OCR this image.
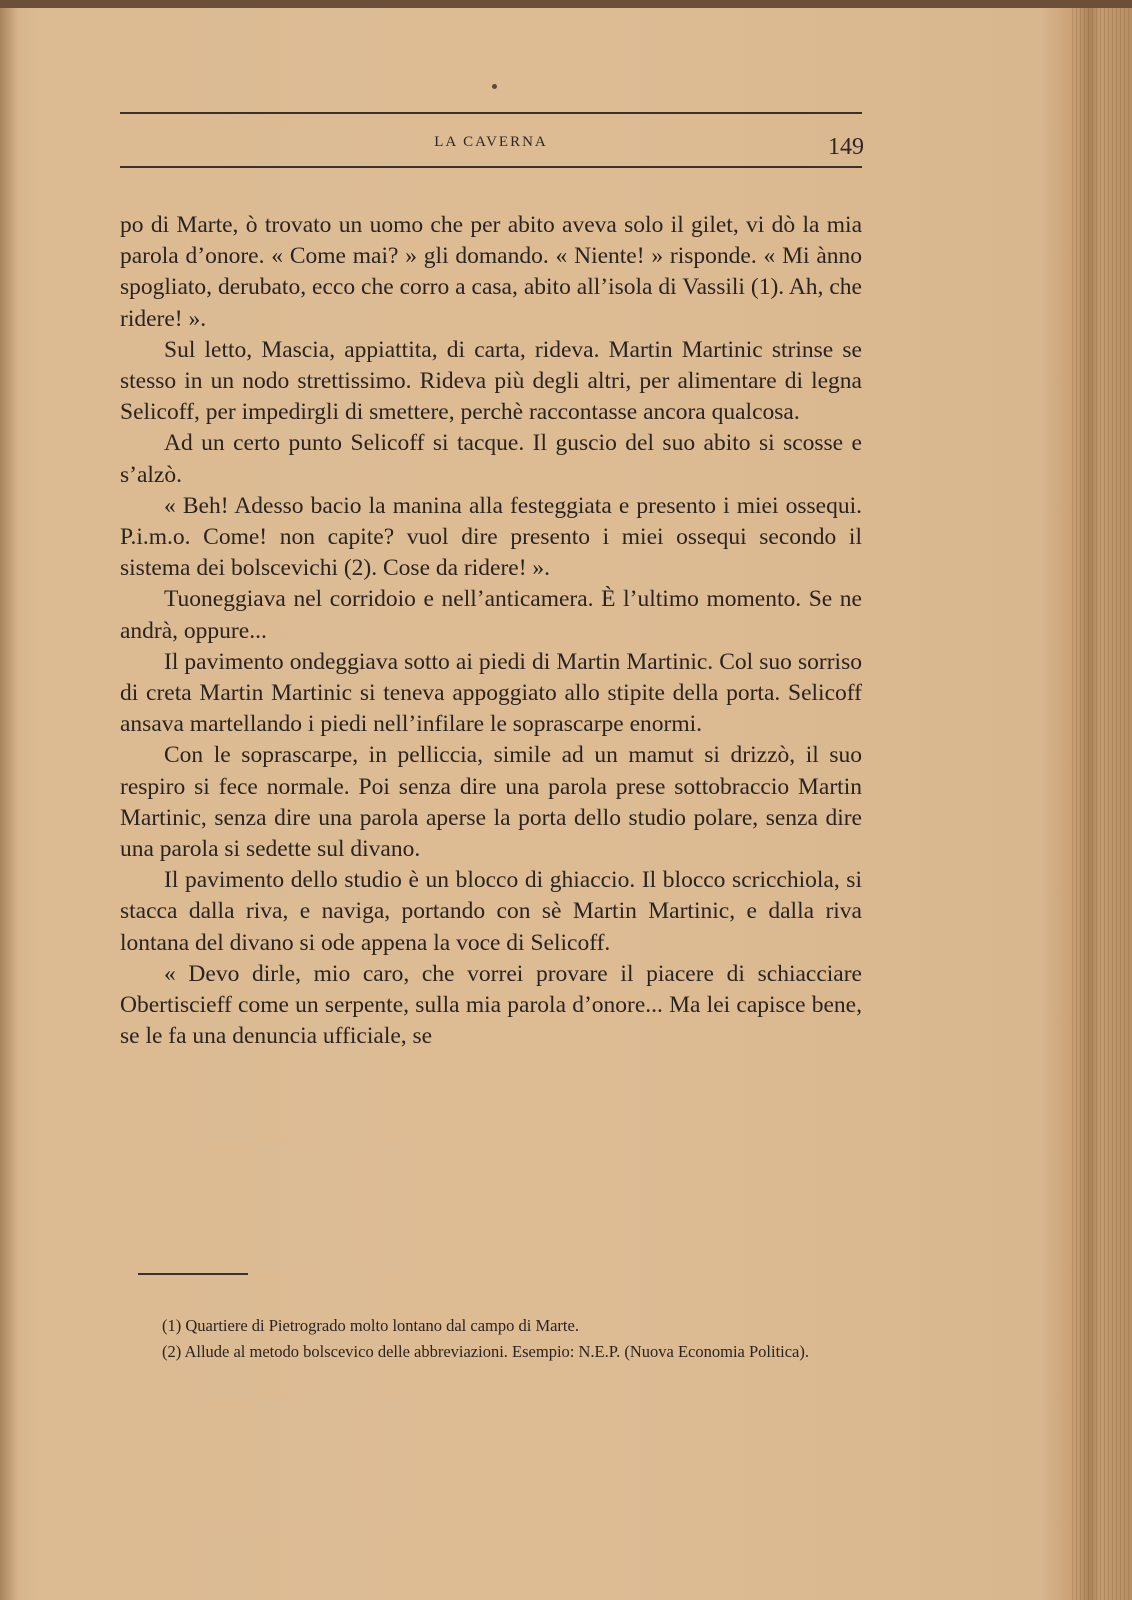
LA CAVERNA	149

po di Marte, ò trovato un uomo che per abito aveva solo il gilet, vi dò la mia parola d’onore. « Come mai? » gli domando. « Niente! » risponde. « Mi ànno spogliato, derubato, ecco che corro a casa, abito all’isola di Vassili (1). Ah, che ridere! ».

Sul letto, Mascia, appiattita, di carta, rideva. Martin Martinic strinse se stesso in un nodo strettissimo. Rideva più degli altri, per alimentare di legna Selicoff, per impedirgli di smettere, perchè raccontasse ancora qualcosa.

Ad un certo punto Selicoff si tacque. Il guscio del suo abito si scosse e s’alzò.

« Beh! Adesso bacio la manina alla festeggiata e presento i miei ossequi. P.i.m.o. Come! non capite? vuol dire presento i miei ossequi secondo il sistema dei bolscevichi (2). Cose da ridere! ».

Tuoneggiava nel corridoio e nell’anticamera. È l’ultimo momento. Se ne andrà, oppure...

Il pavimento ondeggiava sotto ai piedi di Martin Martinic. Col suo sorriso di creta Martin Martinic si teneva appoggiato allo stipite della porta. Selicoff ansava martellando i piedi nell’infilare le soprascarpe enormi.

Con le soprascarpe, in pelliccia, simile ad un mamut si drizzò, il suo respiro si fece normale. Poi senza dire una parola prese sottobraccio Martin Martinic, senza dire una parola aperse la porta dello studio polare, senza dire una parola si sedette sul divano.

Il pavimento dello studio è un blocco di ghiaccio. Il blocco scricchiola, si stacca dalla riva, e naviga, portando con sè Martin Martinic, e dalla riva lontana del divano si ode appena la voce di Selicoff.

« Devo dirle, mio caro, che vorrei provare il piacere di schiacciare Obertiscieff come un serpente, sulla mia parola d’onore... Ma lei capisce bene, se le fa una denuncia ufficiale, se

(1) Quartiere di Pietrogrado molto lontano dal campo di Marte.

(2) Allude al metodo bolscevico delle abbreviazioni. Esempio: N.E.P. (Nuova Economia Politica).
